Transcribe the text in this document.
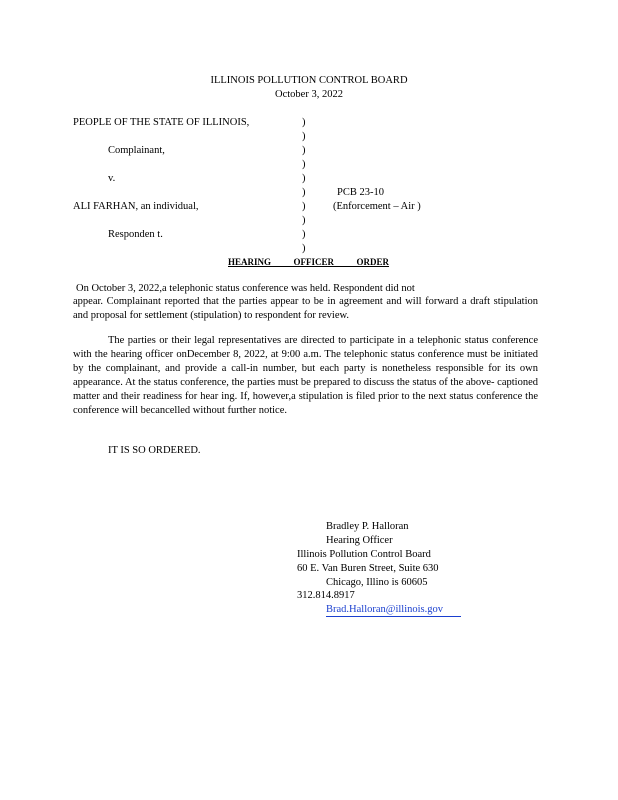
ILLINOIS POLLUTION CONTROL BOARD
October 3, 2022
PEOPLE OF THE STATE OF ILLINOIS,
Complainant,
v.
ALI FARHAN, an individual,
Responden t.
)
)
)
)
)
)
)
)
)
)
PCB 23-10
(Enforcement – Air )
HEARING          OFFICER          ORDER
On October 3, 2022,a telephonic status conference was held. Respondent did not
appear. Complainant reported that the parties appear to be in agreement and will forward a draft stipulation and proposal for settlement (stipulation) to respondent for review.
The parties or their legal representatives are directed to participate in a telephonic status conference with the hearing officer onDecember 8, 2022, at 9:00 a.m. The telephonic status conference must be initiated by the complainant, and provide a call-in number, but each party is nonetheless responsible for its own appearance. At the status conference, the parties must be prepared to discuss the status of the above- captioned matter and their readiness for hear ing. If, however,a stipulation is filed prior to the next status conference the conference will becancelled without further notice.
IT IS SO ORDERED.
Bradley P. Halloran
Hearing Officer
Illinois Pollution Control Board
60 E. Van Buren Street, Suite 630
Chicago, Illino is 60605
312.814.8917
Brad.Halloran@illinois.gov
